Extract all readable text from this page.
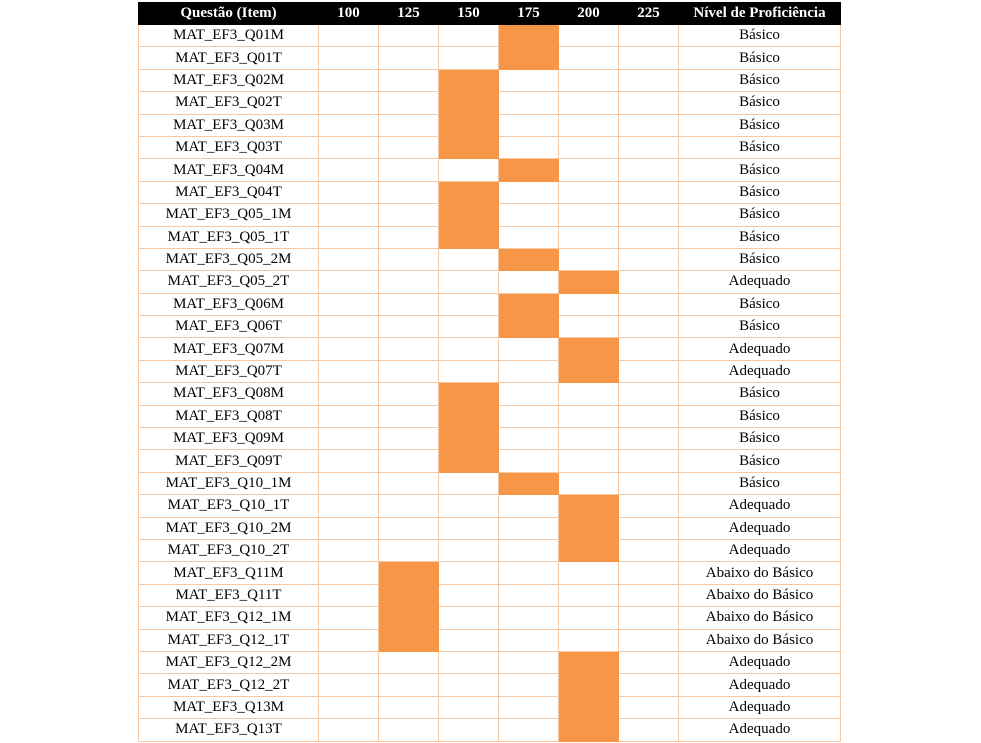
Questão (Item)	100	125	150	175	200	225	Nível de Proficiência
MAT_EF3_Q01M							Básico
MAT_EF3_Q01T							Básico
MAT_EF3_Q02M							Básico
MAT_EF3_Q02T							Básico
MAT_EF3_Q03M							Básico
MAT_EF3_Q03T							Básico
MAT_EF3_Q04M							Básico
MAT_EF3_Q04T							Básico
MAT_EF3_Q05_1M							Básico
MAT_EF3_Q05_1T							Básico
MAT_EF3_Q05_2M							Básico
MAT_EF3_Q05_2T							Adequado
MAT_EF3_Q06M							Básico
MAT_EF3_Q06T							Básico
MAT_EF3_Q07M							Adequado
MAT_EF3_Q07T							Adequado
MAT_EF3_Q08M							Básico
MAT_EF3_Q08T							Básico
MAT_EF3_Q09M							Básico
MAT_EF3_Q09T							Básico
MAT_EF3_Q10_1M							Básico
MAT_EF3_Q10_1T							Adequado
MAT_EF3_Q10_2M							Adequado
MAT_EF3_Q10_2T							Adequado
MAT_EF3_Q11M							Abaixo do Básico
MAT_EF3_Q11T							Abaixo do Básico
MAT_EF3_Q12_1M							Abaixo do Básico
MAT_EF3_Q12_1T							Abaixo do Básico
MAT_EF3_Q12_2M							Adequado
MAT_EF3_Q12_2T							Adequado
MAT_EF3_Q13M							Adequado
MAT_EF3_Q13T							Adequado
